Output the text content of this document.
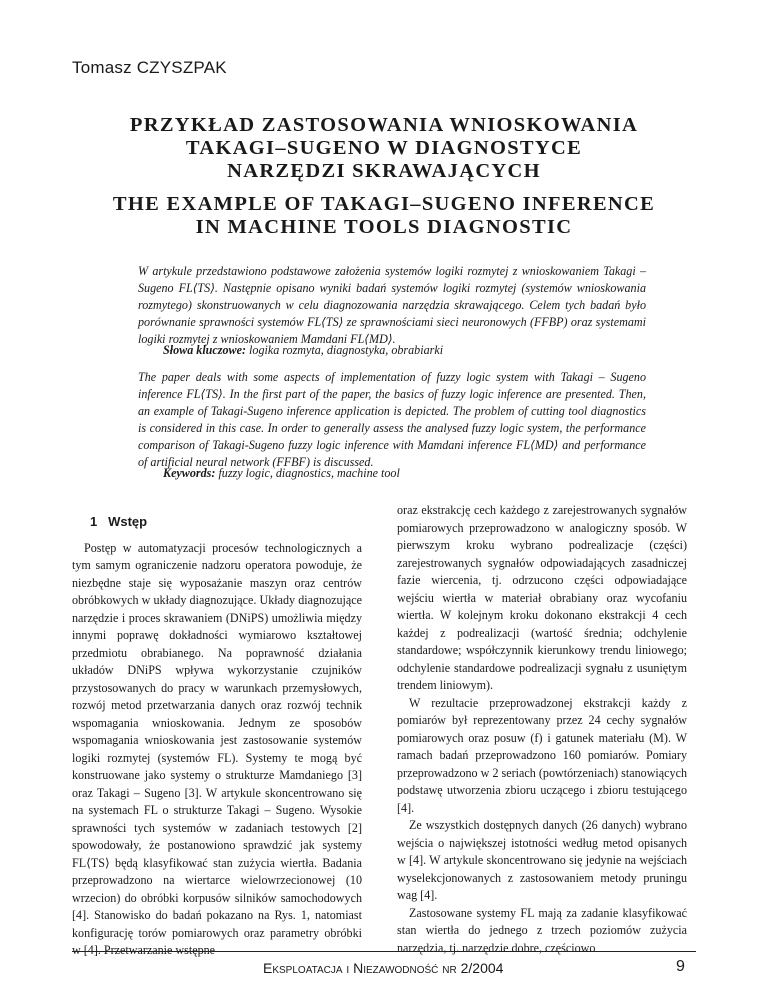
Tomasz CZYSZPAK
PRZYKŁAD ZASTOSOWANIA WNIOSKOWANIA
TAKAGI–SUGENO W DIAGNOSTYCE
NARZĘDZI SKRAWAJĄCYCH
THE EXAMPLE OF TAKAGI–SUGENO INFERENCE
IN MACHINE TOOLS DIAGNOSTIC

W artykule przedstawiono podstawowe założenia systemów logiki rozmytej z wnioskowaniem Takagi – Sugeno FL⟨TS⟩. Następnie opisano wyniki badań systemów logiki rozmytej (systemów wnioskowania rozmytego) skonstruowanych w celu diagnozowania narzędzia skrawającego. Celem tych badań było porównanie sprawności systemów FL⟨TS⟩ ze sprawnościami sieci neuronowych (FFBP) oraz systemami logiki rozmytej z wnioskowaniem Mamdani FL⟨MD⟩.

Słowa kluczowe: logika rozmyta, diagnostyka, obrabiarki

The paper deals with some aspects of implementation of fuzzy logic system with Takagi – Sugeno inference FL⟨TS⟩. In the first part of the paper, the basics of fuzzy logic inference are presented. Then, an example of Takagi-Sugeno inference application is depicted. The problem of cutting tool diagnostics is considered in this case. In order to generally assess the analysed fuzzy logic system, the performance comparison of Takagi-Sugeno fuzzy logic inference with Mamdani inference FL⟨MD⟩ and performance of artificial neural network (FFBF) is discussed.

Keywords: fuzzy logic, diagnostics, machine tool
1 Wstęp

Postęp w automatyzacji procesów technologicznych a tym samym ograniczenie nadzoru operatora powoduje, że niezbędne staje się wyposażanie maszyn oraz centrów obróbkowych w układy diagnozujące. Układy diagnozujące narzędzie i proces skrawaniem (DNiPS) umożliwia między innymi poprawę dokładności wymiarowo kształtowej przedmiotu obrabianego. Na poprawność działania układów DNiPS wpływa wykorzystanie czujników przystosowanych do pracy w warunkach przemysłowych, rozwój metod przetwarzania danych oraz rozwój technik wspomagania wnioskowania. Jednym ze sposobów wspomagania wnioskowania jest zastosowanie systemów logiki rozmytej (systemów FL). Systemy te mogą być konstruowane jako systemy o strukturze Mamdaniego [3] oraz Takagi – Sugeno [3]. W artykule skoncentrowano się na systemach FL o strukturze Takagi – Sugeno. Wysokie sprawności tych systemów w zadaniach testowych [2] spowodowały, że postanowiono sprawdzić jak systemy FL⟨TS⟩ będą klasyfikować stan zużycia wiertła. Badania przeprowadzono na wiertarce wielowrzecionowej (10 wrzecion) do obróbki korpusów silników samochodowych [4]. Stanowisko do badań pokazano na Rys. 1, natomiast konfigurację torów pomiarowych oraz parametry obróbki w [4]. Przetwarzanie wstępne

oraz ekstrakcję cech każdego z zarejestrowanych sygnałów pomiarowych przeprowadzono w analogiczny sposób. W pierwszym kroku wybrano podrealizacje (części) zarejestrowanych sygnałów odpowiadających zasadniczej fazie wiercenia, tj. odrzucono części odpowiadające wejściu wiertła w materiał obrabiany oraz wycofaniu wiertła. W kolejnym kroku dokonano ekstrakcji 4 cech każdej z podrealizacji (wartość średnia; odchylenie standardowe; współczynnik kierunkowy trendu liniowego; odchylenie standardowe podrealizacji sygnału z usuniętym trendem liniowym).

W rezultacie przeprowadzonej ekstrakcji każdy z pomiarów był reprezentowany przez 24 cechy sygnałów pomiarowych oraz posuw (f) i gatunek materiału (M). W ramach badań przeprowadzono 160 pomiarów. Pomiary przeprowadzono w 2 seriach (powtórzeniach) stanowiących podstawę utworzenia zbioru uczącego i zbioru testującego [4].

Ze wszystkich dostępnych danych (26 danych) wybrano wejścia o największej istotności według metod opisanych w [4]. W artykule skoncentrowano się jedynie na wejściach wyselekcjonowanych z zastosowaniem metody pruningu wag [4].

Zastosowane systemy FL mają za zadanie klasyfikować stan wiertła do jednego z trzech poziomów zużycia narzędzia, tj. narzędzie dobre, częściowo

Eksploatacja i Niezawodność nr 2/2004	9
